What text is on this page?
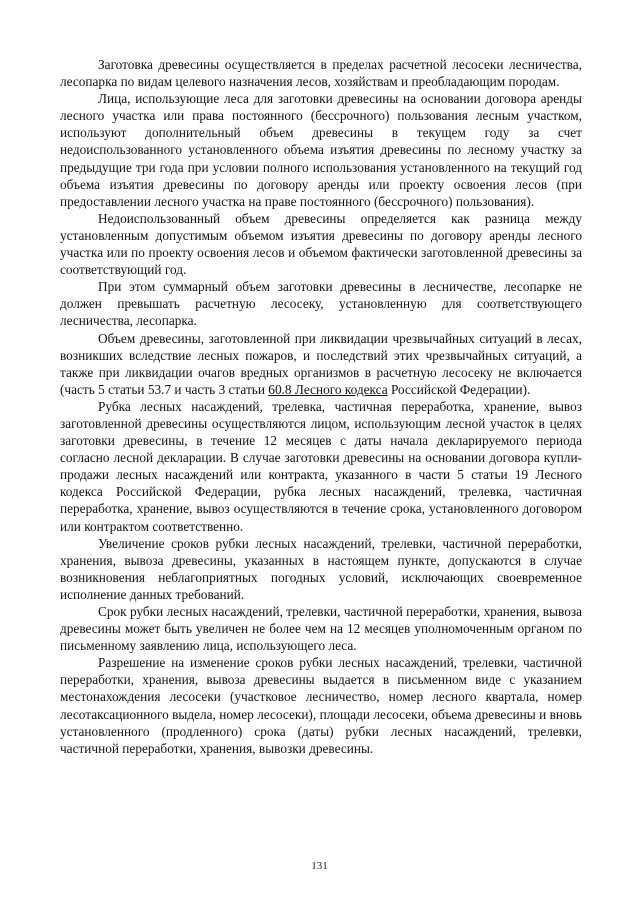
Заготовка древесины осуществляется в пределах расчетной лесосеки лесничества, лесопарка по видам целевого назначения лесов, хозяйствам и преобладающим породам.

Лица, использующие леса для заготовки древесины на основании договора аренды лесного участка или права постоянного (бессрочного) пользования лесным участком, используют дополнительный объем древесины в текущем году за счет недоиспользованного установленного объема изъятия древесины по лесному участку за предыдущие три года при условии полного использования установленного на текущий год объема изъятия древесины по договору аренды или проекту освоения лесов (при предоставлении лесного участка на праве постоянного (бессрочного) пользования).

Недоиспользованный объем древесины определяется как разница между установленным допустимым объемом изъятия древесины по договору аренды лесного участка или по проекту освоения лесов и объемом фактически заготовленной древесины за соответствующий год.

При этом суммарный объем заготовки древесины в лесничестве, лесопарке не должен превышать расчетную лесосеку, установленную для соответствующего лесничества, лесопарка.

Объем древесины, заготовленной при ликвидации чрезвычайных ситуаций в лесах, возникших вследствие лесных пожаров, и последствий этих чрезвычайных ситуаций, а также при ликвидации очагов вредных организмов в расчетную лесосеку не включается (часть 5 статьи 53.7 и часть 3 статьи 60.8 Лесного кодекса Российской Федерации).

Рубка лесных насаждений, трелевка, частичная переработка, хранение, вывоз заготовленной древесины осуществляются лицом, использующим лесной участок в целях заготовки древесины, в течение 12 месяцев с даты начала декларируемого периода согласно лесной декларации. В случае заготовки древесины на основании договора купли-продажи лесных насаждений или контракта, указанного в части 5 статьи 19 Лесного кодекса Российской Федерации, рубка лесных насаждений, трелевка, частичная переработка, хранение, вывоз осуществляются в течение срока, установленного договором или контрактом соответственно.

Увеличение сроков рубки лесных насаждений, трелевки, частичной переработки, хранения, вывоза древесины, указанных в настоящем пункте, допускаются в случае возникновения неблагоприятных погодных условий, исключающих своевременное исполнение данных требований.

Срок рубки лесных насаждений, трелевки, частичной переработки, хранения, вывоза древесины может быть увеличен не более чем на 12 месяцев уполномоченным органом по письменному заявлению лица, использующего леса.

Разрешение на изменение сроков рубки лесных насаждений, трелевки, частичной переработки, хранения, вывоза древесины выдается в письменном виде с указанием местонахождения лесосеки (участковое лесничество, номер лесного квартала, номер лесотаксационного выдела, номер лесосеки), площади лесосеки, объема древесины и вновь установленного (продленного) срока (даты) рубки лесных насаждений, трелевки, частичной переработки, хранения, вывозки древесины.

131
